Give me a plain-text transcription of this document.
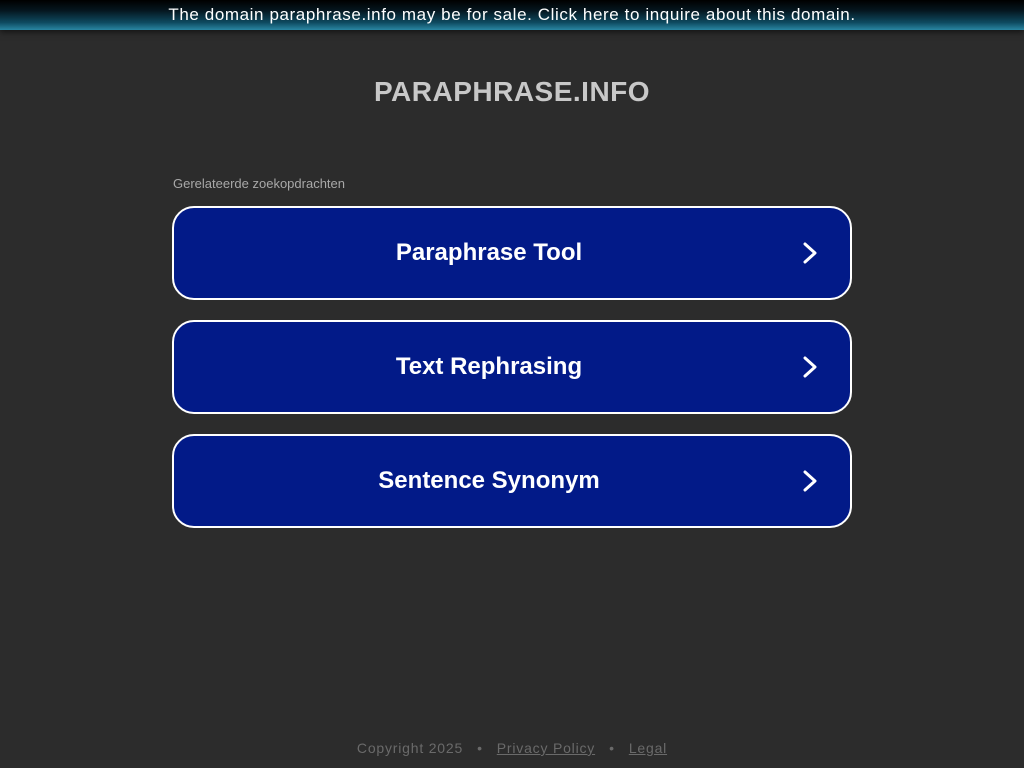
The domain paraphrase.info may be for sale. Click here to inquire about this domain.
PARAPHRASE.INFO
Gerelateerde zoekopdrachten
Paraphrase Tool
Text Rephrasing
Sentence Synonym
Copyright 2025 • Privacy Policy • Legal
